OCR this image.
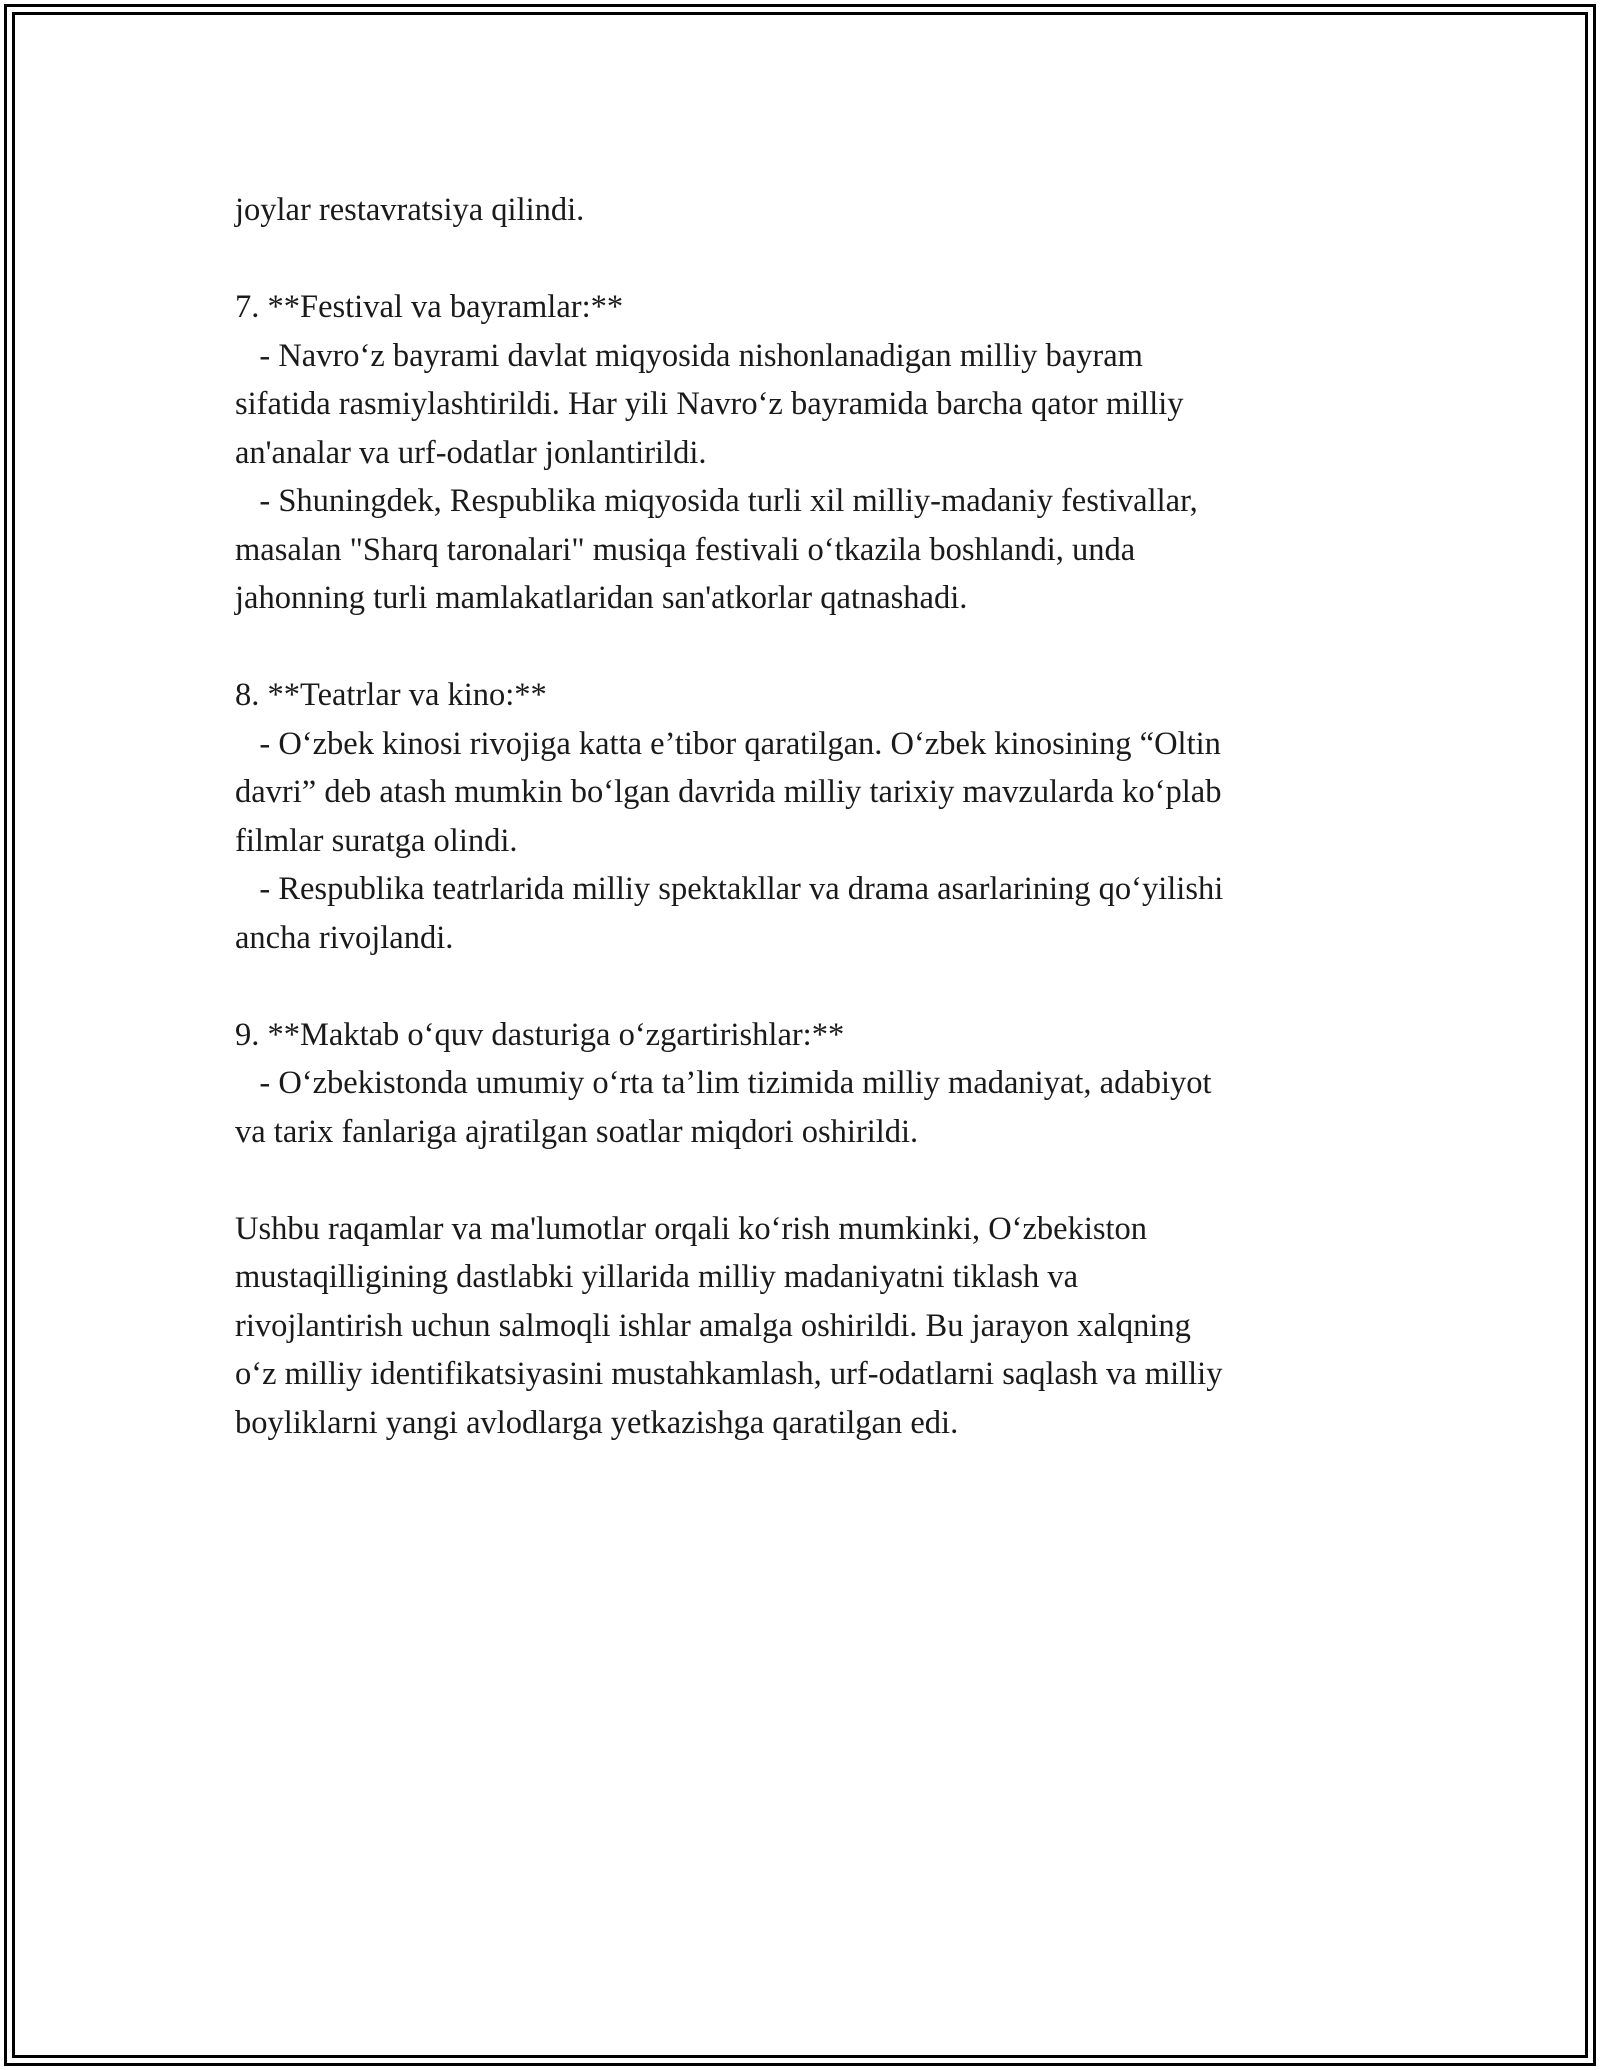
joylar restavratsiya qilindi.
7. **Festival va bayramlar:**
- Navro‘z bayrami davlat miqyosida nishonlanadigan milliy bayram
sifatida rasmiylashtirildi. Har yili Navro‘z bayramida barcha qator milliy
an'analar va urf-odatlar jonlantirildi.
- Shuningdek, Respublika miqyosida turli xil milliy-madaniy festivallar,
masalan "Sharq taronalari" musiqa festivali o‘tkazila boshlandi, unda
jahonning turli mamlakatlaridan san'atkorlar qatnashadi.
8. **Teatrlar va kino:**
- O‘zbek kinosi rivojiga katta e’tibor qaratilgan. O‘zbek kinosining “Oltin
davri” deb atash mumkin bo‘lgan davrida milliy tarixiy mavzularda ko‘plab
filmlar suratga olindi.
- Respublika teatrlarida milliy spektakllar va drama asarlarining qo‘yilishi
ancha rivojlandi.
9. **Maktab o‘quv dasturiga o‘zgartirishlar:**
- O‘zbekistonda umumiy o‘rta ta’lim tizimida milliy madaniyat, adabiyot
va tarix fanlariga ajratilgan soatlar miqdori oshirildi.
Ushbu raqamlar va ma'lumotlar orqali ko‘rish mumkinki, O‘zbekiston
mustaqilligining dastlabki yillarida milliy madaniyatni tiklash va
rivojlantirish uchun salmoqli ishlar amalga oshirildi. Bu jarayon xalqning
o‘z milliy identifikatsiyasini mustahkamlash, urf-odatlarni saqlash va milliy
boyliklarni yangi avlodlarga yetkazishga qaratilgan edi.
